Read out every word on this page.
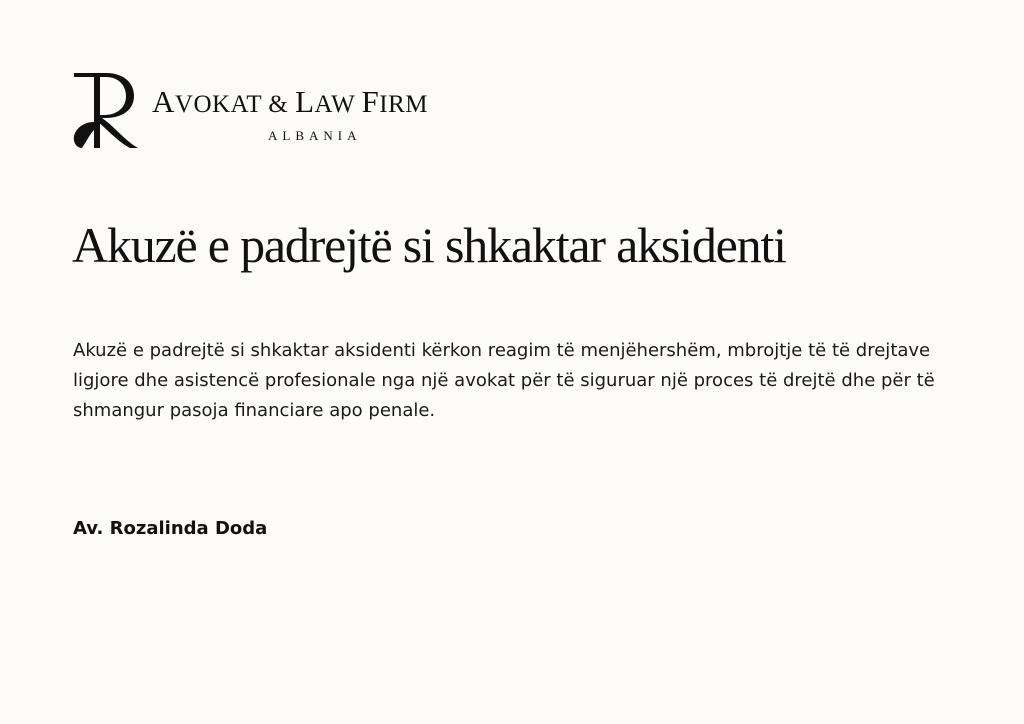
AVOKAT & LAW FIRM
ALBANIA
Akuzë e padrejtë si shkaktar aksidenti

Akuzë e padrejtë si shkaktar aksidenti kërkon reagim të menjëhershëm, mbrojtje të të drejtave ligjore dhe asistencë profesionale nga një avokat për të siguruar një proces të drejtë dhe për të shmangur pasoja financiare apo penale.

Av. Rozalinda Doda
